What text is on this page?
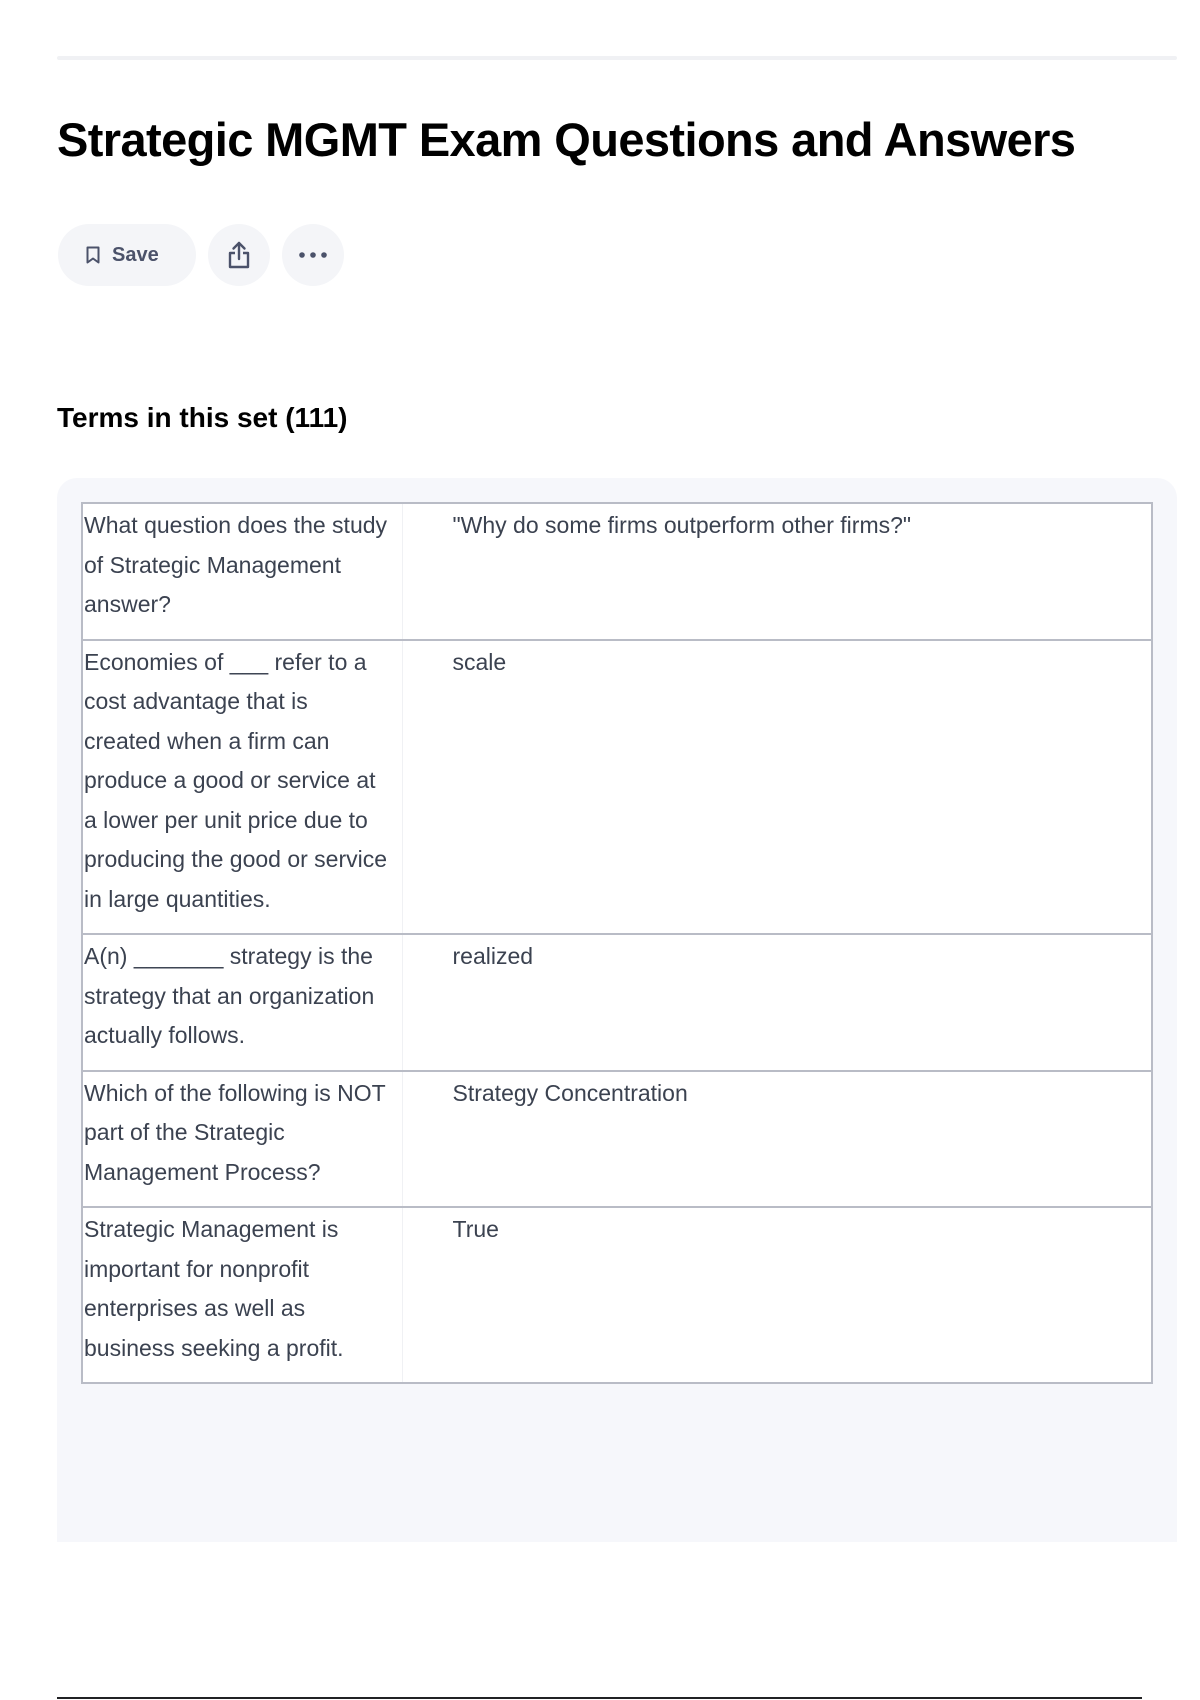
Strategic MGMT Exam Questions and Answers
Save
Terms in this set (111)
What question does the study of Strategic Management answer?	"Why do some firms outperform other firms?"
Economies of ___ refer to a cost advantage that is created when a firm can produce a good or service at a lower per unit price due to producing the good or service in large quantities.	scale
A(n) _______ strategy is the strategy that an organization actually follows.	realized
Which of the following is NOT part of the Strategic Management Process?	Strategy Concentration
Strategic Management is important for nonprofit enterprises as well as business seeking a profit.	True
